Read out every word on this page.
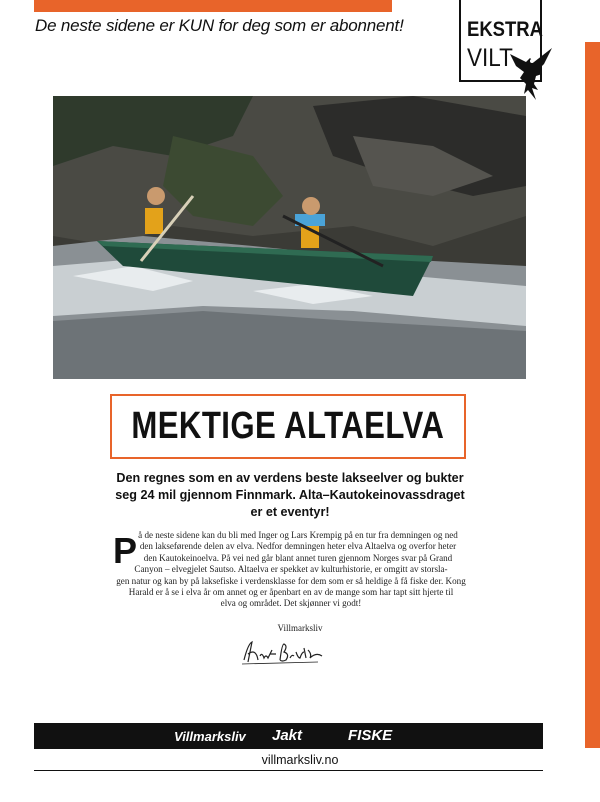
De neste sidene er KUN for deg som er abonnent!	EKSTRA
VILT
MEKTIGE ALTAELVA
Den regnes som en av verdens beste lakseelver og bukter seg 24 mil gjennom Finnmark. Alta–Kautokeinovassdraget er et eventyr!
P å de neste sidene kan du bli med Inger og Lars Krempig på en tur fra demningen og ned
den lakseførende delen av elva. Nedfor demningen heter elva Altaelva og overfor heter
den Kautokeinoelva. På vei ned går blant annet turen gjennom Norges svar på Grand
Canyon – elvegjelet Sautso. Altaelva er spekket av kulturhistorie, er omgitt av storsla-
gen natur og kan by på laksefiske i verdensklasse for dem som er så heldige å få fiske der. Kong
Harald er å se i elva år om annet og er åpenbart en av de mange som har tapt sitt hjerte til
elva og området. Det skjønner vi godt!
Villmarksliv
Villmarksliv Jakt	FISKE
villmarksliv.no
